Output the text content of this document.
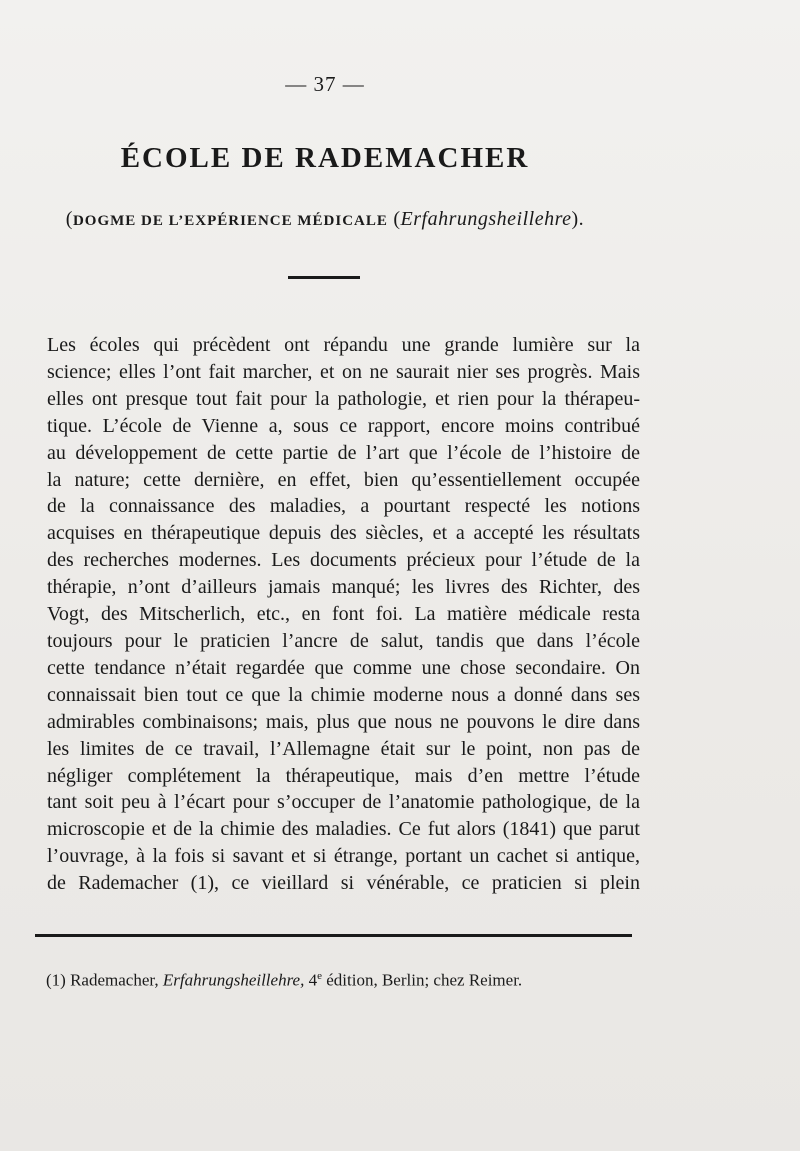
— 37 —
ÉCOLE DE RADEMACHER
(DOGME DE L’EXPÉRIENCE MÉDICALE (Erfahrungsheillehre).
Les écoles qui précèdent ont répandu une grande lumière sur la
science; elles l’ont fait marcher, et on ne saurait nier ses progrès. Mais
elles ont presque tout fait pour la pathologie, et rien pour la thérapeu-
tique. L’école de Vienne a, sous ce rapport, encore moins contribué
au développement de cette partie de l’art que l’école de l’histoire de
la nature; cette dernière, en effet, bien qu’essentiellement occupée
de la connaissance des maladies, a pourtant respecté les notions
acquises en thérapeutique depuis des siècles, et a accepté les résultats
des recherches modernes. Les documents précieux pour l’étude de la
thérapie, n’ont d’ailleurs jamais manqué; les livres des Richter, des
Vogt, des Mitscherlich, etc., en font foi. La matière médicale resta
toujours pour le praticien l’ancre de salut, tandis que dans l’école
cette tendance n’était regardée que comme une chose secondaire. On
connaissait bien tout ce que la chimie moderne nous a donné dans ses
admirables combinaisons; mais, plus que nous ne pouvons le dire dans
les limites de ce travail, l’Allemagne était sur le point, non pas de
négliger complétement la thérapeutique, mais d’en mettre l’étude
tant soit peu à l’écart pour s’occuper de l’anatomie pathologique, de la
microscopie et de la chimie des maladies. Ce fut alors (1841) que parut
l’ouvrage, à la fois si savant et si étrange, portant un cachet si antique,
de Rademacher (1), ce vieillard si vénérable, ce praticien si plein
(1) Rademacher, Erfahrungsheillehre, 4e édition, Berlin; chez Reimer.
